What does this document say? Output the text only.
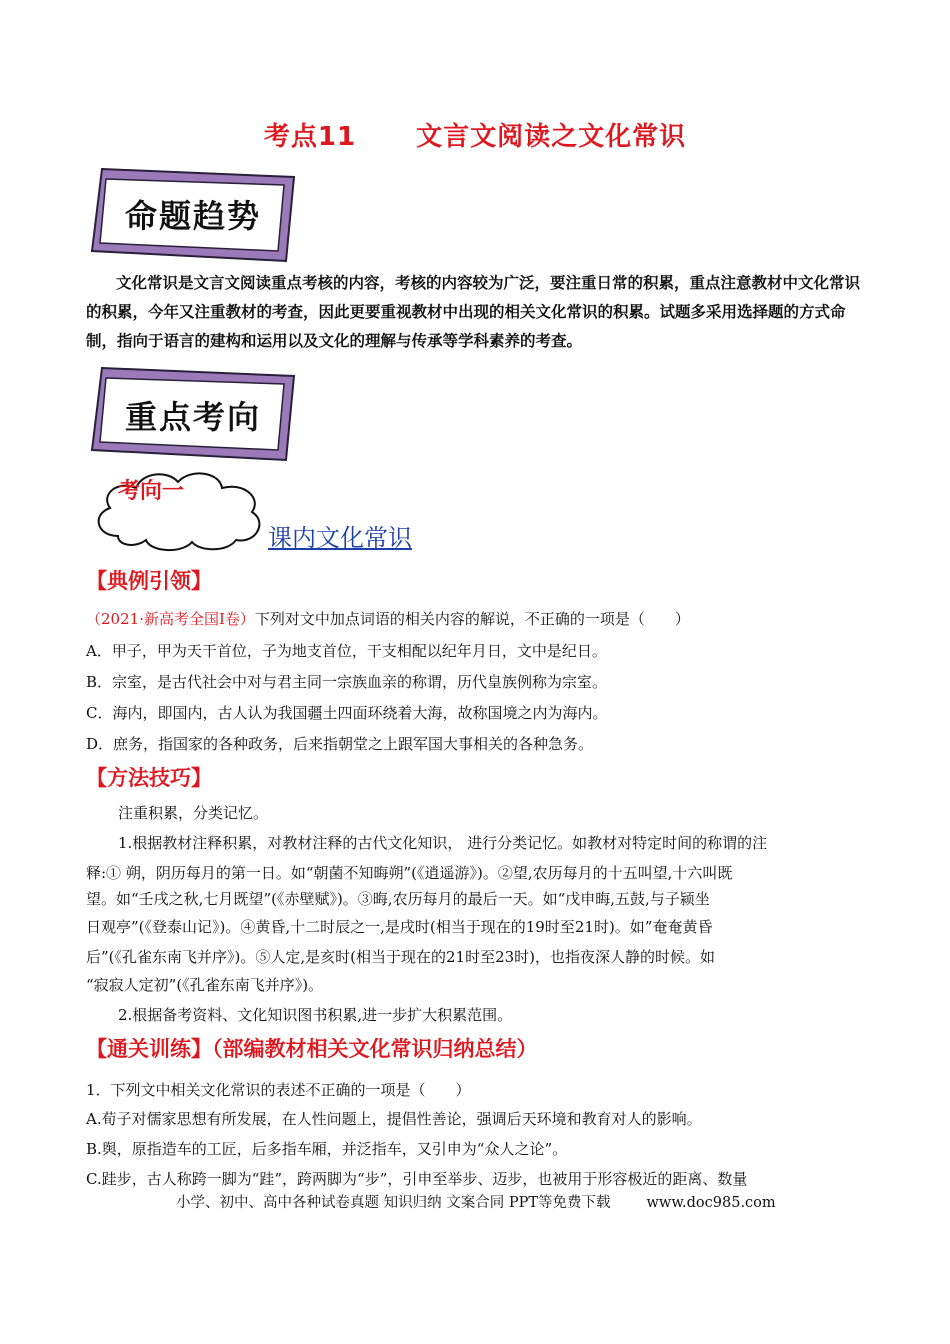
考点11 文言文阅读之文化常识
命题趋势
文化常识是文言文阅读重点考核的内容，考核的内容较为广泛，要注重日常的积累，重点注意教材中文化常识的积累，今年又注重教材的考查，因此更要重视教材中出现的相关文化常识的积累。试题多采用选择题的方式命制，指向于语言的建构和运用以及文化的理解与传承等学科素养的考查。
重点考向
考向一
课内文化常识
【典例引领】
（2021·新高考全国I卷）下列对文中加点词语的相关内容的解说，不正确的一项是（　　）
A．甲子，甲为天干首位，子为地支首位，干支相配以纪年月日，文中是纪日。
B．宗室，是古代社会中对与君主同一宗族血亲的称谓，历代皇族例称为宗室。
C．海内，即国内，古人认为我国疆土四面环绕着大海，故称国境之内为海内。
D．庶务，指国家的各种政务，后来指朝堂之上跟军国大事相关的各种急务。
【方法技巧】
注重积累，分类记忆。
1.根据教材注释积累，对教材注释的古代文化知识， 进行分类记忆。如教材对特定时间的称谓的注
释:① 朔，阴历每月的第一日。如“朝菌不知晦朔”(《逍遥游》)。②望,农历每月的十五叫望,十六叫既
望。如“壬戌之秋,七月既望”(《赤壁赋》)。③晦,农历每月的最后一天。如“戊申晦,五鼓,与子颍坐
日观亭”(《登泰山记》)。④黄昏,十二时辰之一,是戌时(相当于现在的19时至21时)。如”奄奄黄昏
后”(《孔雀东南飞并序》)。⑤人定,是亥时(相当于现在的21时至23时)，也指夜深人静的时候。如
“寂寂人定初”(《孔雀东南飞并序》)。
2.根据备考资料、文化知识图书积累,进一步扩大积累范围。
【通关训练】（部编教材相关文化常识归纳总结）
1．下列文中相关文化常识的表述不正确的一项是（　　）
A.荀子对儒家思想有所发展，在人性问题上，提倡性善论，强调后天环境和教育对人的影响。
B.舆，原指造车的工匠，后多指车厢，并泛指车，又引申为“众人之论”。
C.跬步，古人称跨一脚为“跬”，跨两脚为“步”，引申至举步、迈步，也被用于形容极近的距离、数量
小学、初中、高中各种试卷真题 知识归纳 文案合同 PPT等免费下载 www.doc985.com
